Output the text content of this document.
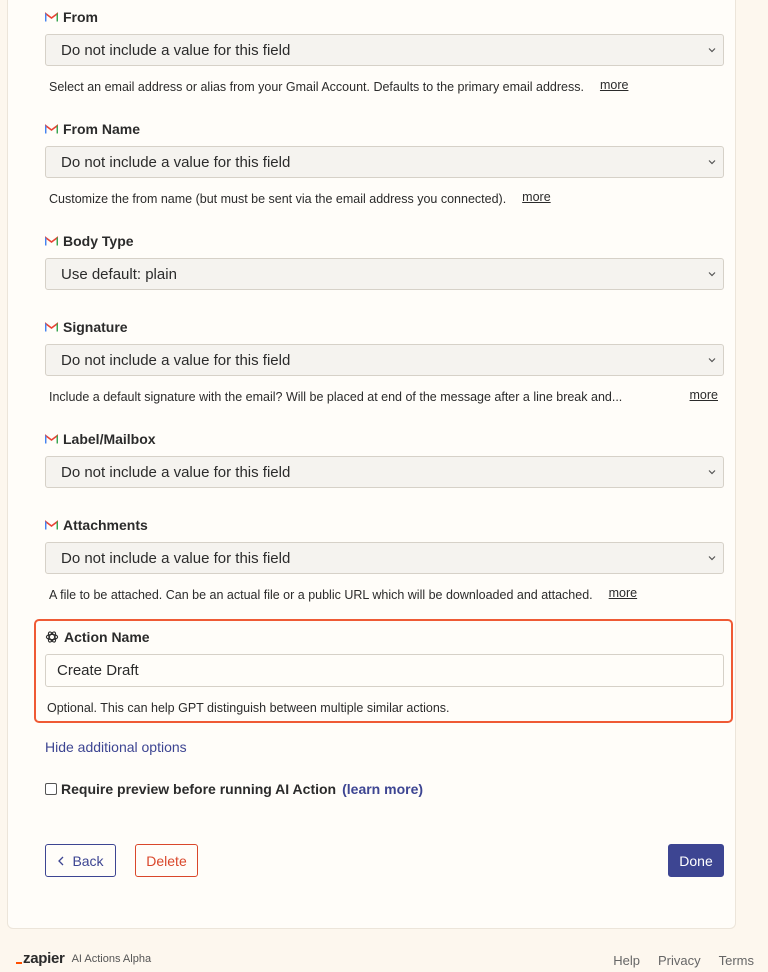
From
Do not include a value for this field
Select an email address or alias from your Gmail Account. Defaults to the primary email address. more
From Name
Do not include a value for this field
Customize the from name (but must be sent via the email address you connected). more
Body Type
Use default: plain
Signature
Do not include a value for this field
Include a default signature with the email? Will be placed at end of the message after a line break and...	more
Label/Mailbox
Do not include a value for this field
Attachments
Do not include a value for this field
A file to be attached. Can be an actual file or a public URL which will be downloaded and attached. more
Action Name
Create Draft
Optional. This can help GPT distinguish between multiple similar actions.
Hide additional options
Require preview before running AI Action (learn more)
Back	Delete	Done
zapier AI Actions Alpha	Help Privacy Terms
